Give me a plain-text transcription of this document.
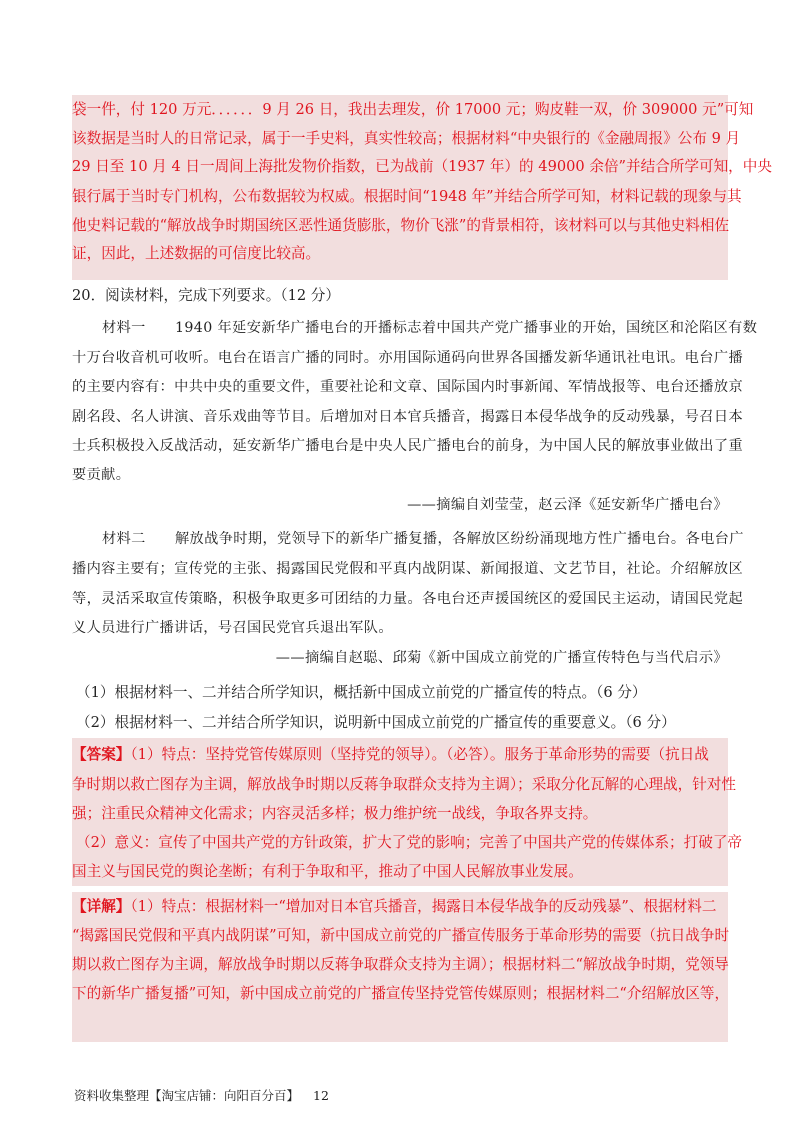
袋一件，付 120 万元．．．．．．9 月 26 日，我出去理发，价 17000 元；购皮鞋一双，价 309000 元”可知
该数据是当时人的日常记录，属于一手史料，真实性较高；根据材料“中央银行的《金融周报》公布 9 月
29 日至 10 月 4 日一周间上海批发物价指数，已为战前（1937 年）的 49000 余倍”并结合所学可知，中央
银行属于当时专门机构，公布数据较为权威。根据时间“1948 年”并结合所学可知，材料记载的现象与其
他史料记载的“解放战争时期国统区恶性通货膨胀，物价飞涨”的背景相符，该材料可以与其他史料相佐
证，因此，上述数据的可信度比较高。
20．阅读材料，完成下列要求。（12 分）
材料一　　1940 年延安新华广播电台的开播标志着中国共产党广播事业的开始，国统区和沦陷区有数
十万台收音机可收听。电台在语言广播的同时。亦用国际通码向世界各国播发新华通讯社电讯。电台广播
的主要内容有：中共中央的重要文件，重要社论和文章、国际国内时事新闻、军情战报等、电台还播放京
剧名段、名人讲演、音乐戏曲等节目。后增加对日本官兵播音，揭露日本侵华战争的反动残暴，号召日本
士兵积极投入反战活动，延安新华广播电台是中央人民广播电台的前身，为中国人民的解放事业做出了重
要贡献。
——摘编自刘莹莹，赵云泽《延安新华广播电台》
材料二　　解放战争时期，党领导下的新华广播复播，各解放区纷纷涌现地方性广播电台。各电台广
播内容主要有；宣传党的主张、揭露国民党假和平真内战阴谋、新闻报道、文艺节目，社论。介绍解放区
等，灵活采取宣传策略，积极争取更多可团结的力量。各电台还声援国统区的爱国民主运动，请国民党起
义人员进行广播讲话，号召国民党官兵退出军队。
——摘编自赵聪、邱菊《新中国成立前党的广播宣传特色与当代启示》
（1）根据材料一、二并结合所学知识，概括新中国成立前党的广播宣传的特点。（6 分）
（2）根据材料一、二并结合所学知识，说明新中国成立前党的广播宣传的重要意义。（6 分）
【答案】（1）特点：坚持党管传媒原则（坚持党的领导）。（必答）。服务于革命形势的需要（抗日战
争时期以救亡图存为主调，解放战争时期以反蒋争取群众支持为主调）；采取分化瓦解的心理战，针对性
强；注重民众精神文化需求；内容灵活多样；极力维护统一战线，争取各界支持。
（2）意义：宣传了中国共产党的方针政策，扩大了党的影响；完善了中国共产党的传媒体系；打破了帝
国主义与国民党的舆论垄断；有利于争取和平，推动了中国人民解放事业发展。
【详解】（1）特点：根据材料一“增加对日本官兵播音，揭露日本侵华战争的反动残暴”、根据材料二
“揭露国民党假和平真内战阴谋”可知，新中国成立前党的广播宣传服务于革命形势的需要（抗日战争时
期以救亡图存为主调，解放战争时期以反蒋争取群众支持为主调）；根据材料二“解放战争时期，党领导
下的新华广播复播”可知，新中国成立前党的广播宣传坚持党管传媒原则；根据材料二“介绍解放区等，
资料收集整理【淘宝店铺：向阳百分百】 12
